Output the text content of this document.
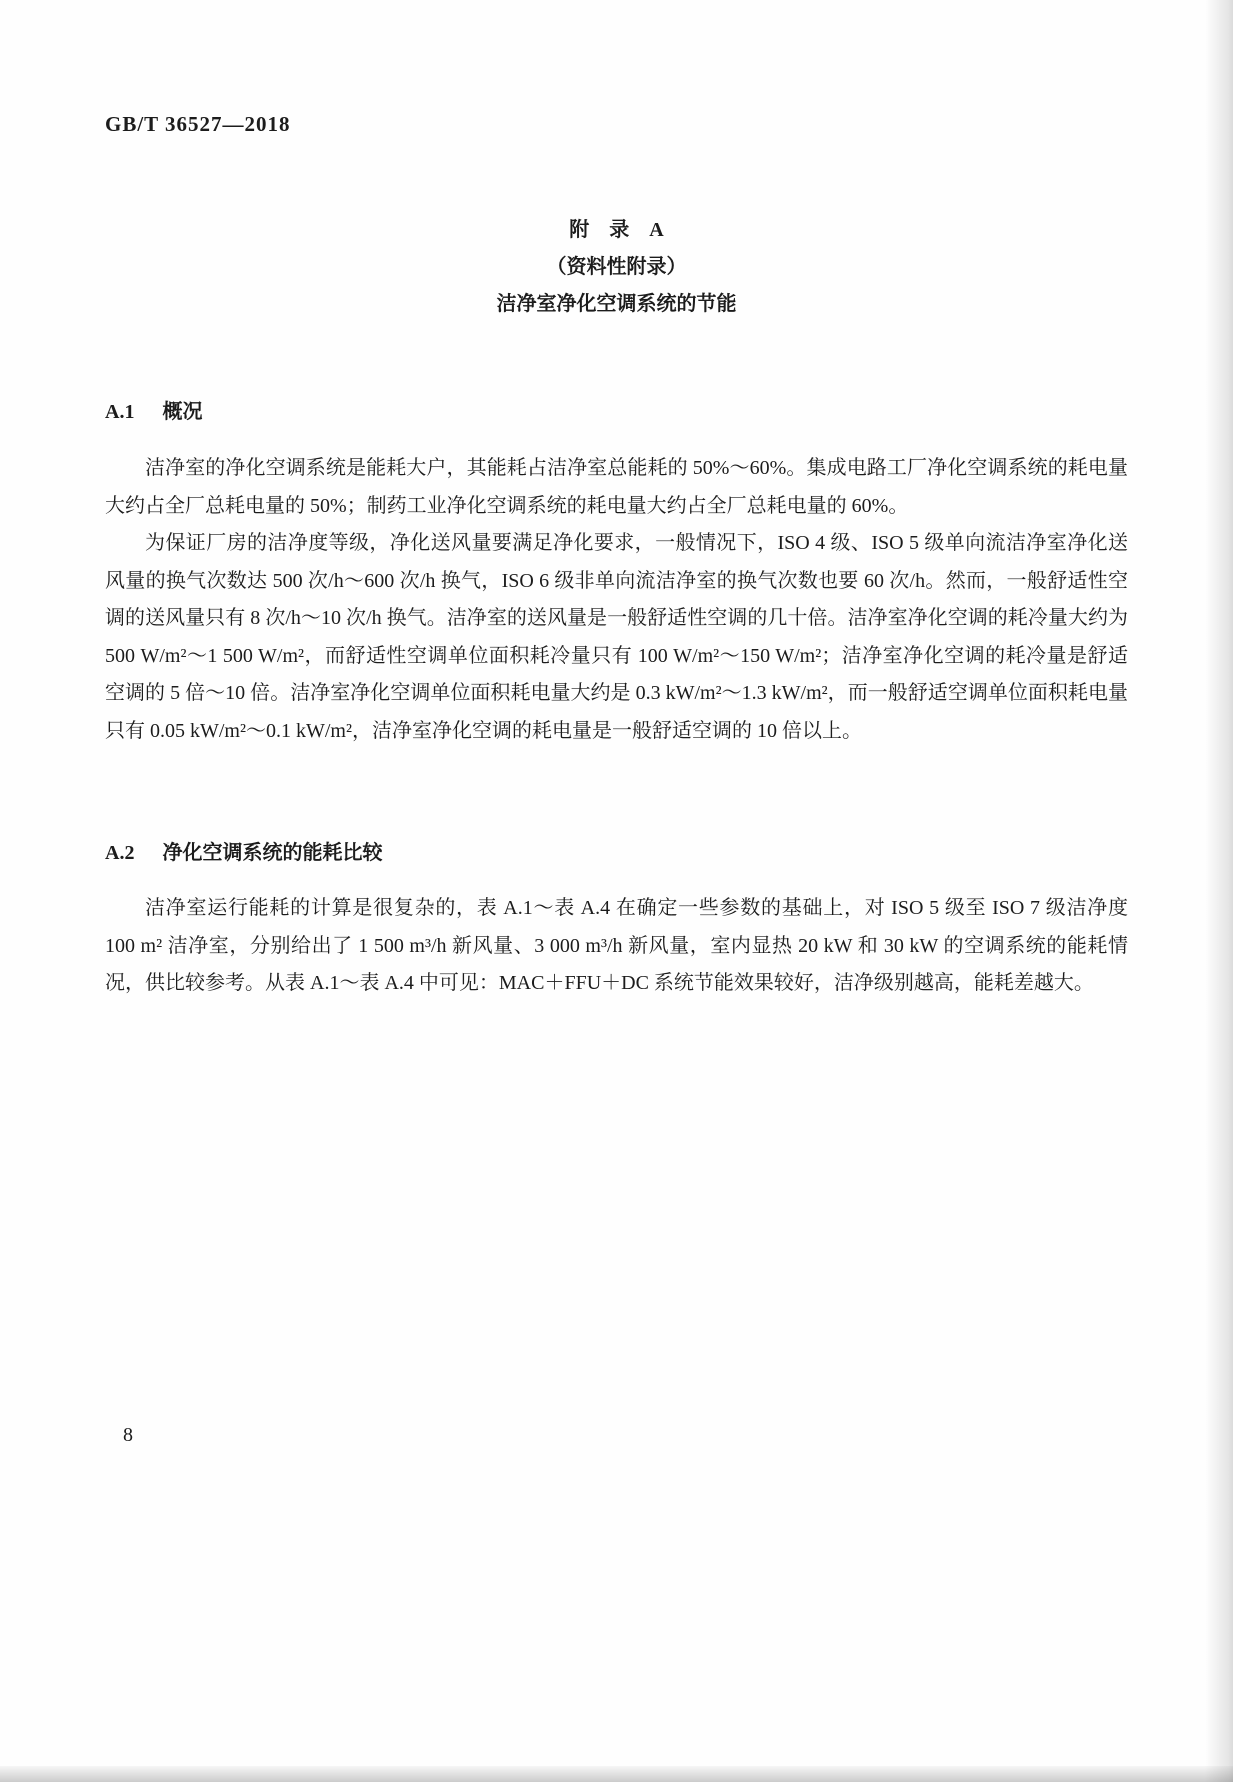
GB/T 36527—2018
附　录　A
（资料性附录）
洁净室净化空调系统的节能
A.1 概况

洁净室的净化空调系统是能耗大户，其能耗占洁净室总能耗的 50%～60%。集成电路工厂净化空调系统的耗电量大约占全厂总耗电量的 50%；制药工业净化空调系统的耗电量大约占全厂总耗电量的 60%。

为保证厂房的洁净度等级，净化送风量要满足净化要求，一般情况下，ISO 4 级、ISO 5 级单向流洁净室净化送风量的换气次数达 500 次/h～600 次/h 换气，ISO 6 级非单向流洁净室的换气次数也要 60 次/h。然而，一般舒适性空调的送风量只有 8 次/h～10 次/h 换气。洁净室的送风量是一般舒适性空调的几十倍。洁净室净化空调的耗冷量大约为 500 W/m²～1 500 W/m²，而舒适性空调单位面积耗冷量只有 100 W/m²～150 W/m²；洁净室净化空调的耗冷量是舒适空调的 5 倍～10 倍。洁净室净化空调单位面积耗电量大约是 0.3 kW/m²～1.3 kW/m²，而一般舒适空调单位面积耗电量只有 0.05 kW/m²～0.1 kW/m²，洁净室净化空调的耗电量是一般舒适空调的 10 倍以上。

A.2 净化空调系统的能耗比较

洁净室运行能耗的计算是很复杂的，表 A.1～表 A.4 在确定一些参数的基础上，对 ISO 5 级至 ISO 7 级洁净度 100 m² 洁净室，分别给出了 1 500 m³/h 新风量、3 000 m³/h 新风量，室内显热 20 kW 和 30 kW 的空调系统的能耗情况，供比较参考。从表 A.1～表 A.4 中可见：MAC＋FFU＋DC 系统节能效果较好，洁净级别越高，能耗差越大。

8
